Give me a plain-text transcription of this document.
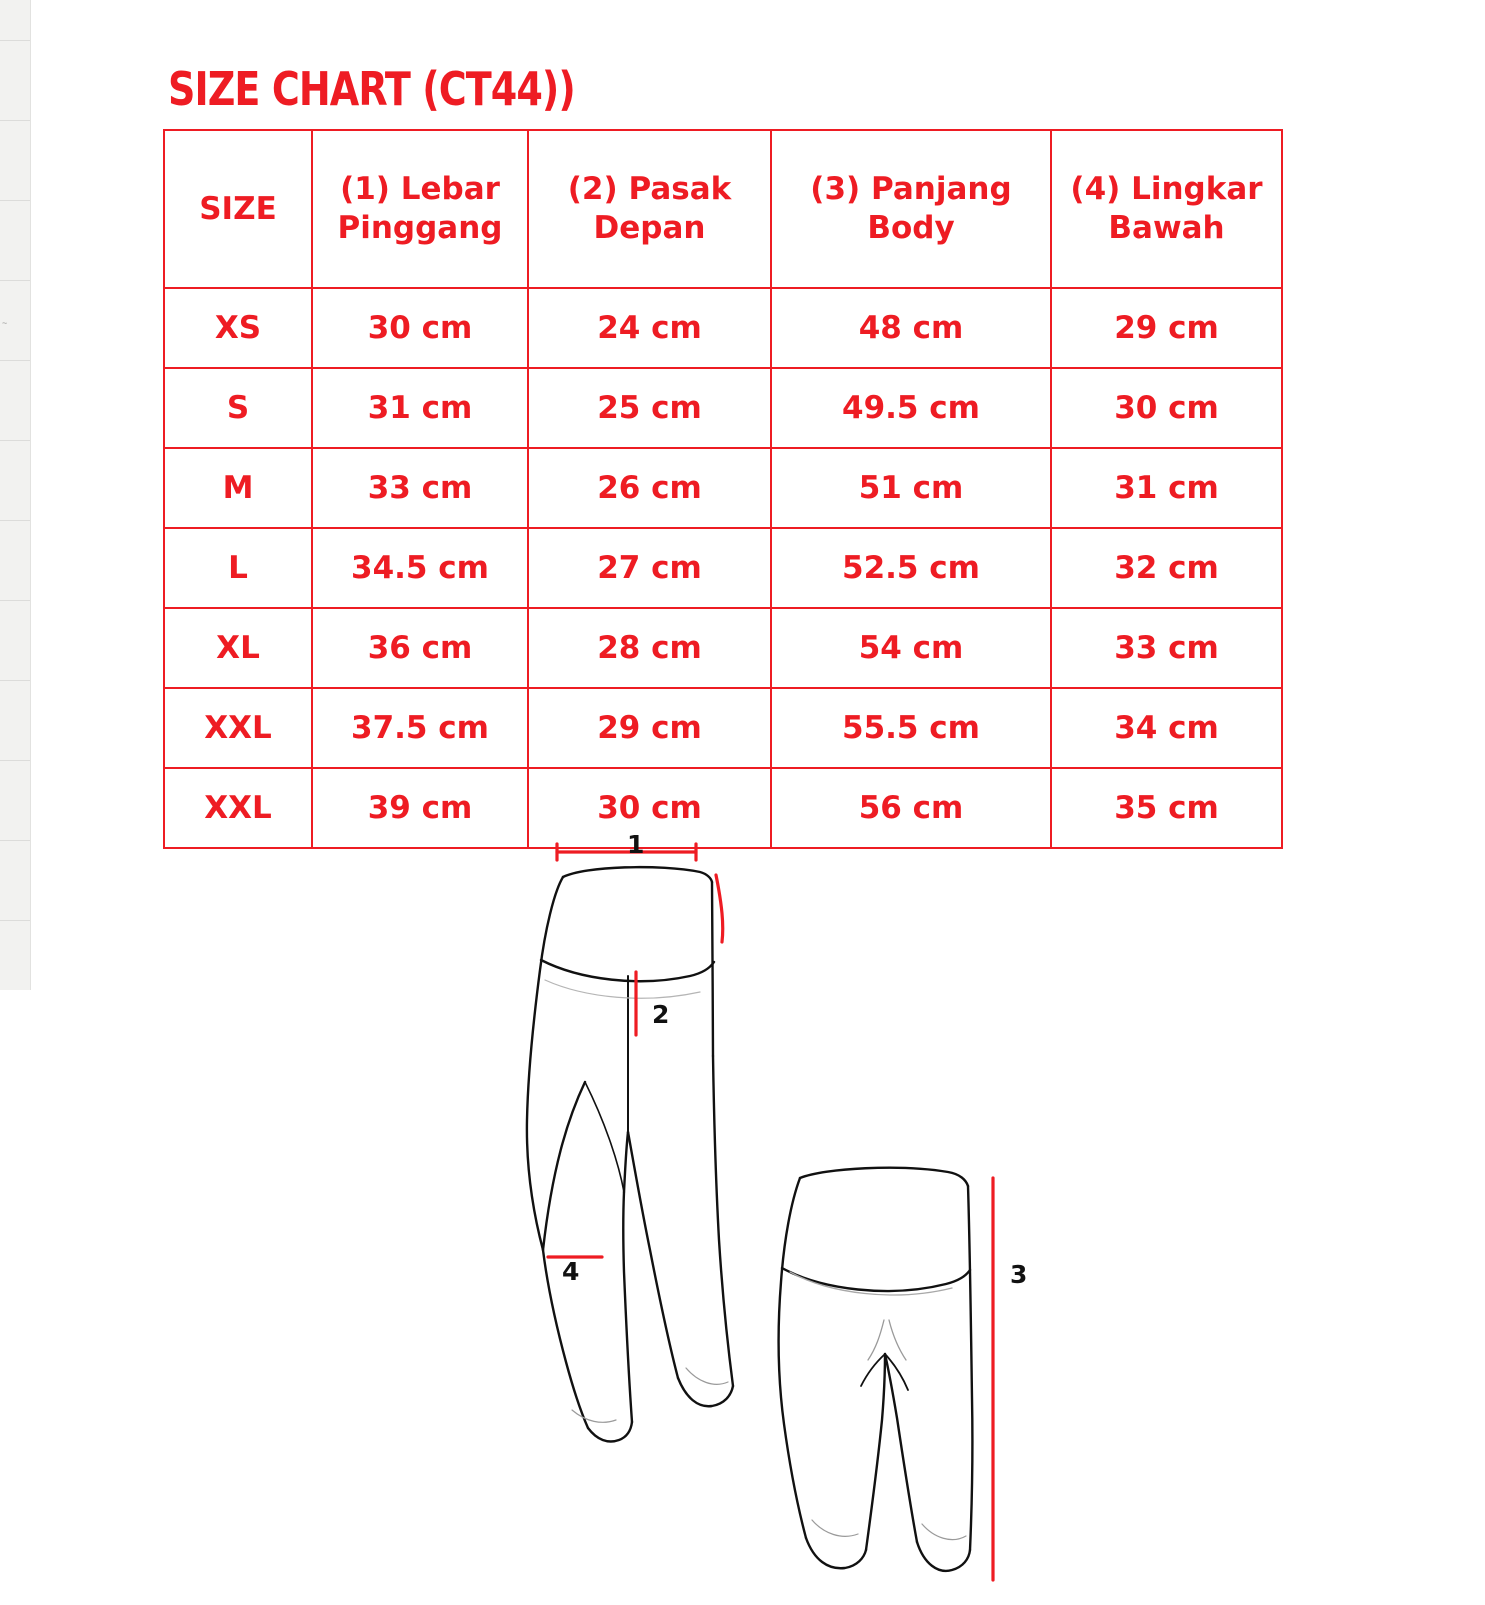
~
SIZE CHART (CT44))
SIZE	(1) Lebar Pinggang	(2) Pasak Depan	(3) Panjang Body	(4) Lingkar Bawah
XS	30 cm	24 cm	48 cm	29 cm
S	31 cm	25 cm	49.5 cm	30 cm
M	33 cm	26 cm	51 cm	31 cm
L	34.5 cm	27 cm	52.5 cm	32 cm
XL	36 cm	28 cm	54 cm	33 cm
XXL	37.5 cm	29 cm	55.5 cm	34 cm
XXL	39 cm	30 cm	56 cm	35 cm
1
2
3
4
